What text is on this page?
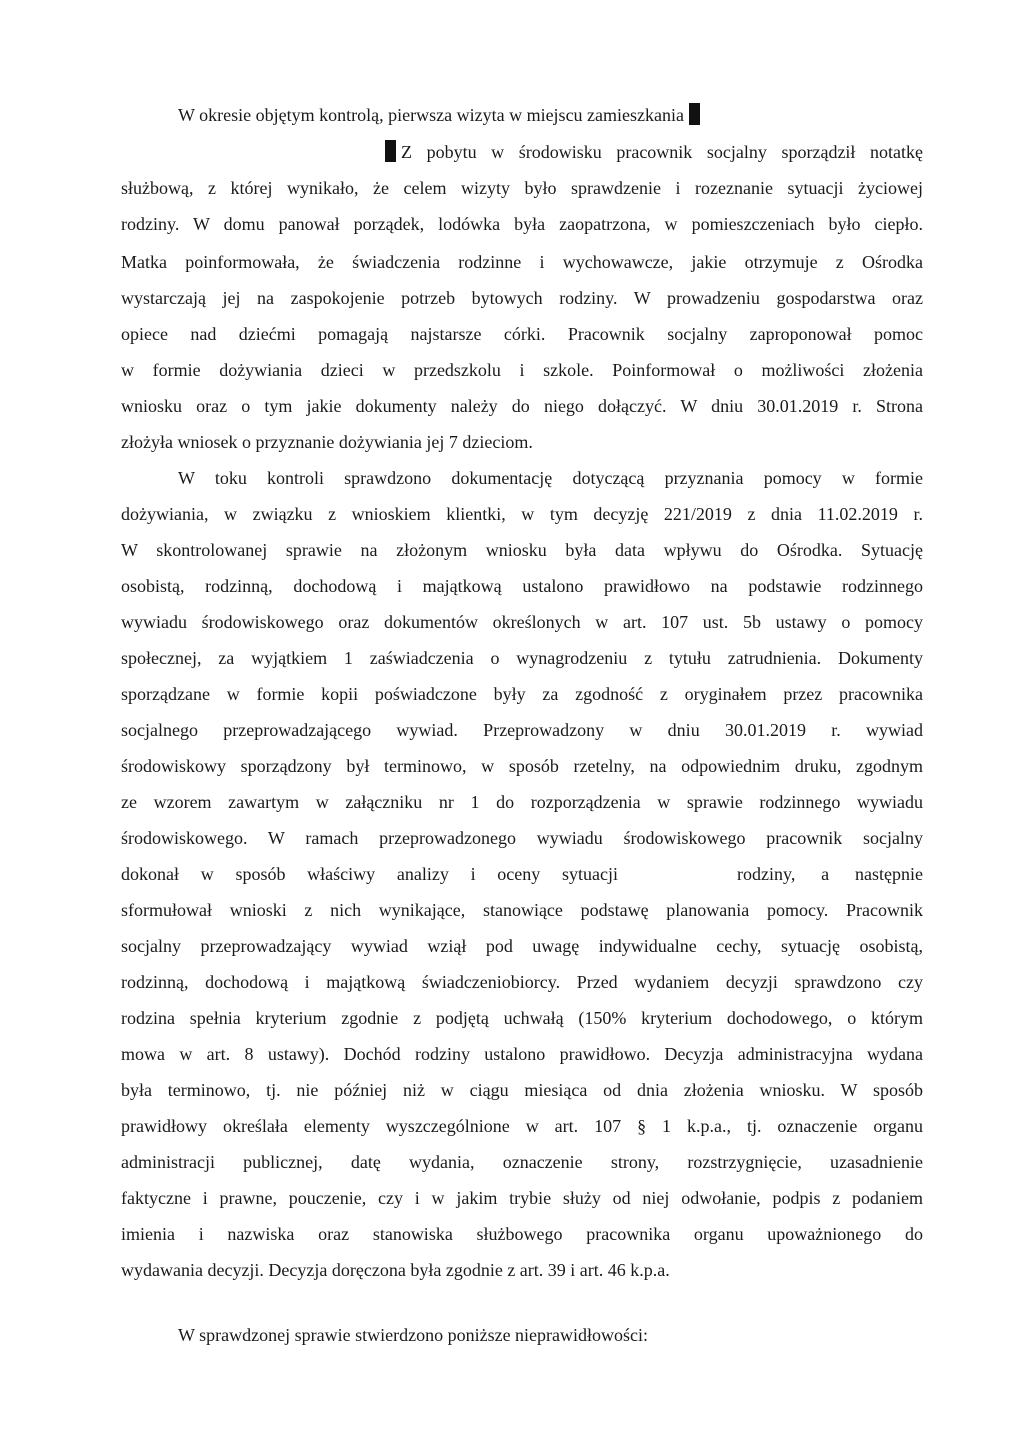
W okresie objętym kontrolą, pierwsza wizyta w miejscu zamieszkania
Z pobytu w środowisku pracownik socjalny sporządził notatkę
służbową, z której wynikało, że celem wizyty było sprawdzenie i rozeznanie sytuacji życiowej
rodziny. W domu panował porządek, lodówka była zaopatrzona, w pomieszczeniach było ciepło.
Matka poinformowała, że świadczenia rodzinne i wychowawcze, jakie otrzymuje z Ośrodka
wystarczają jej na zaspokojenie potrzeb bytowych rodziny. W prowadzeniu gospodarstwa oraz
opiece nad dziećmi pomagają najstarsze córki. Pracownik socjalny zaproponował pomoc
w formie dożywiania dzieci w przedszkolu i szkole. Poinformował o możliwości złożenia
wniosku oraz o tym jakie dokumenty należy do niego dołączyć. W dniu 30.01.2019 r. Strona
złożyła wniosek o przyznanie dożywiania jej 7 dzieciom.
W toku kontroli sprawdzono dokumentację dotyczącą przyznania pomocy w formie
dożywiania, w związku z wnioskiem klientki, w tym decyzję 221/2019 z dnia 11.02.2019 r.
W skontrolowanej sprawie na złożonym wniosku była data wpływu do Ośrodka. Sytuację
osobistą, rodzinną, dochodową i majątkową ustalono prawidłowo na podstawie rodzinnego
wywiadu środowiskowego oraz dokumentów określonych w art. 107 ust. 5b ustawy o pomocy
społecznej, za wyjątkiem 1 zaświadczenia o wynagrodzeniu z tytułu zatrudnienia. Dokumenty
sporządzane w formie kopii poświadczone były za zgodność z oryginałem przez pracownika
socjalnego przeprowadzającego wywiad. Przeprowadzony w dniu 30.01.2019 r. wywiad
środowiskowy sporządzony był terminowo, w sposób rzetelny, na odpowiednim druku, zgodnym
ze wzorem zawartym w załączniku nr 1 do rozporządzenia w sprawie rodzinnego wywiadu
środowiskowego. W ramach przeprowadzonego wywiadu środowiskowego pracownik socjalny
dokonał w sposób właściwy analizy i oceny sytuacji	rodziny, a następnie
sformułował wnioski z nich wynikające, stanowiące podstawę planowania pomocy. Pracownik
socjalny przeprowadzający wywiad wziął pod uwagę indywidualne cechy, sytuację osobistą,
rodzinną, dochodową i majątkową świadczeniobiorcy. Przed wydaniem decyzji sprawdzono czy
rodzina spełnia kryterium zgodnie z podjętą uchwałą (150% kryterium dochodowego, o którym
mowa w art. 8 ustawy). Dochód rodziny ustalono prawidłowo. Decyzja administracyjna wydana
była terminowo, tj. nie później niż w ciągu miesiąca od dnia złożenia wniosku. W sposób
prawidłowy określała elementy wyszczególnione w art. 107 § 1 k.p.a., tj. oznaczenie organu
administracji publicznej, datę wydania, oznaczenie strony, rozstrzygnięcie, uzasadnienie
faktyczne i prawne, pouczenie, czy i w jakim trybie służy od niej odwołanie, podpis z podaniem
imienia i nazwiska oraz stanowiska służbowego pracownika organu upoważnionego do
wydawania decyzji. Decyzja doręczona była zgodnie z art. 39 i art. 46 k.p.a.
W sprawdzonej sprawie stwierdzono poniższe nieprawidłowości:
